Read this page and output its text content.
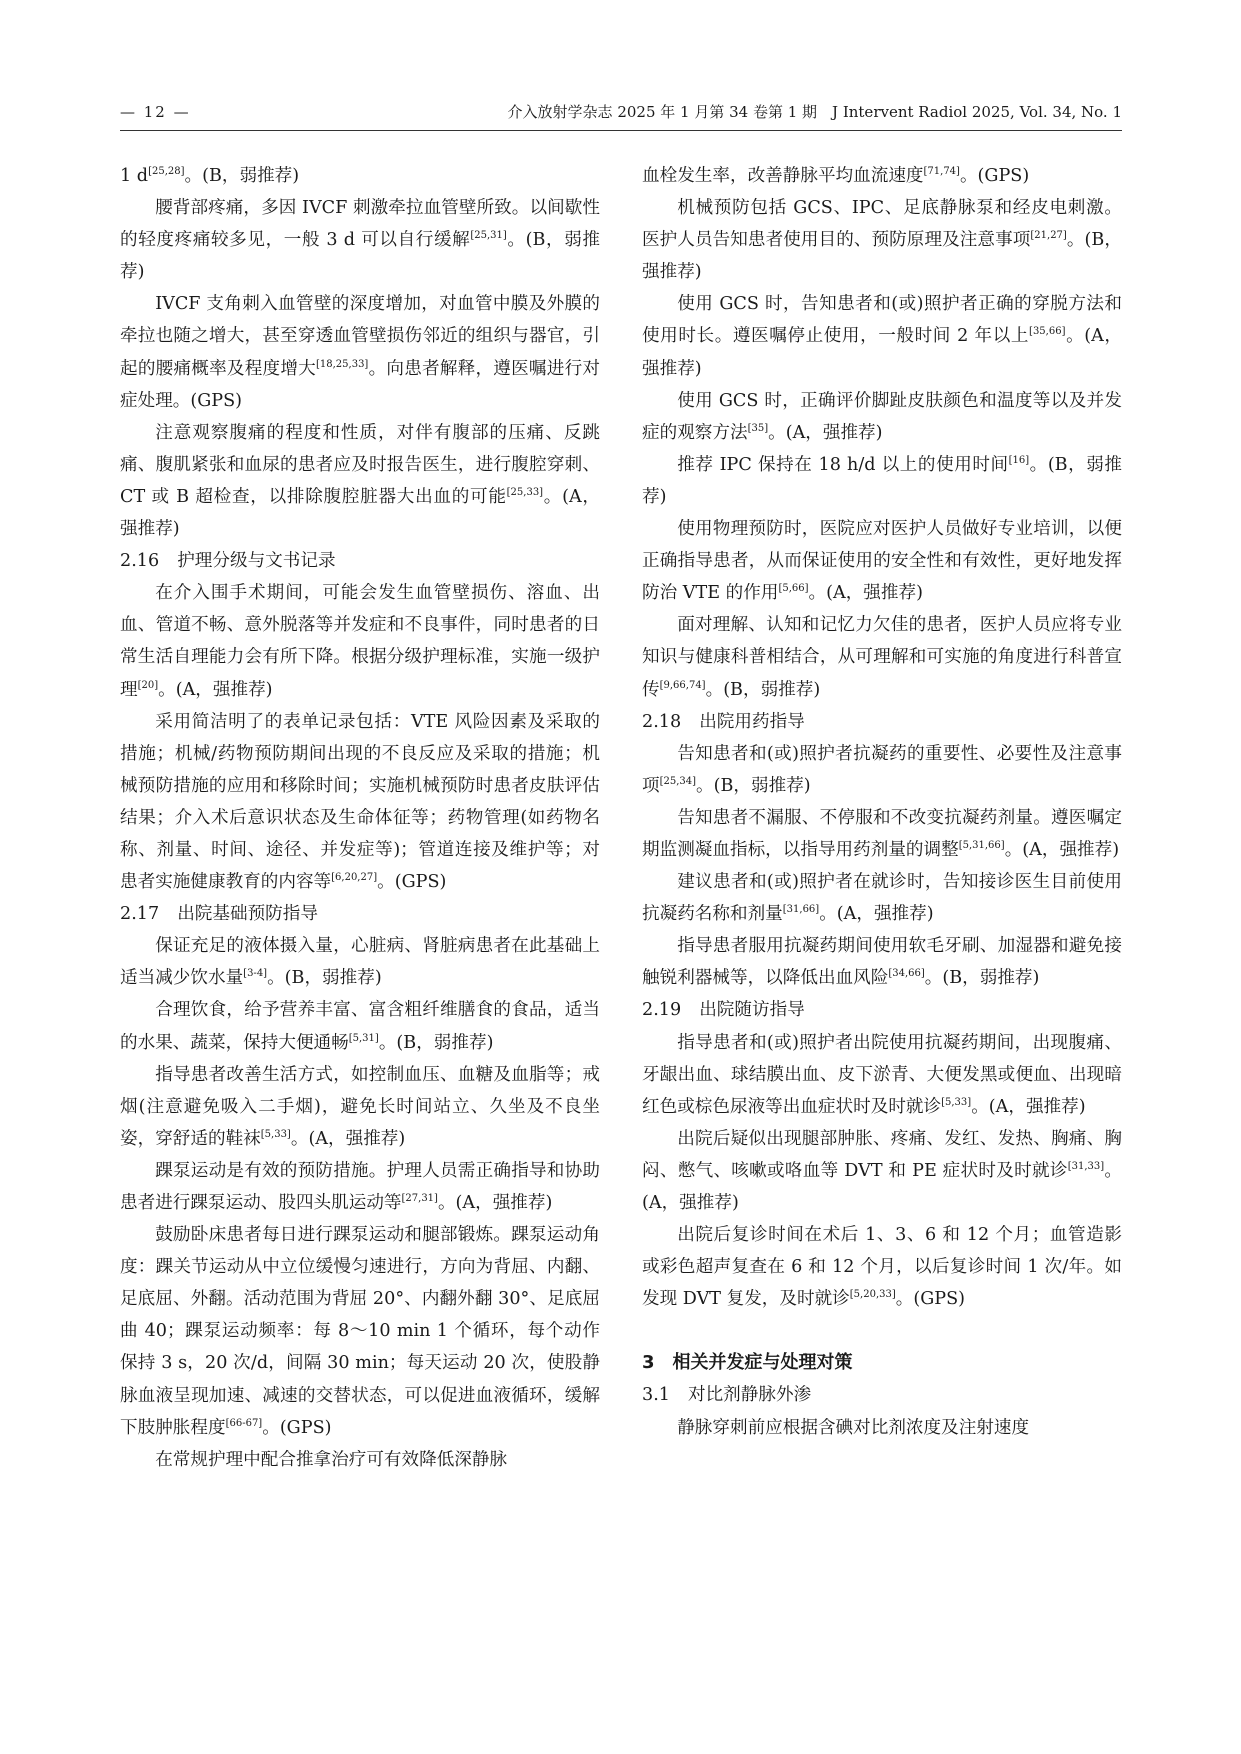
— 12 —	介入放射学杂志 2025 年 1 月第 34 卷第 1 期　J Intervent Radiol 2025, Vol. 34, No. 1

1 d[25,28]。(B，弱推荐)

腰背部疼痛，多因 IVCF 刺激牵拉血管壁所致。以间歇性的轻度疼痛较多见，一般 3 d 可以自行缓解[25,31]。(B，弱推荐)

IVCF 支角刺入血管壁的深度增加，对血管中膜及外膜的牵拉也随之增大，甚至穿透血管壁损伤邻近的组织与器官，引起的腰痛概率及程度增大[18,25,33]。向患者解释，遵医嘱进行对症处理。(GPS)

注意观察腹痛的程度和性质，对伴有腹部的压痛、反跳痛、腹肌紧张和血尿的患者应及时报告医生，进行腹腔穿刺、CT 或 B 超检查，以排除腹腔脏器大出血的可能[25,33]。(A，强推荐)

2.16 护理分级与文书记录

在介入围手术期间，可能会发生血管壁损伤、溶血、出血、管道不畅、意外脱落等并发症和不良事件，同时患者的日常生活自理能力会有所下降。根据分级护理标准，实施一级护理[20]。(A，强推荐)

采用简洁明了的表单记录包括：VTE 风险因素及采取的措施；机械/药物预防期间出现的不良反应及采取的措施；机械预防措施的应用和移除时间；实施机械预防时患者皮肤评估结果；介入术后意识状态及生命体征等；药物管理(如药物名称、剂量、时间、途径、并发症等)；管道连接及维护等；对患者实施健康教育的内容等[6,20,27]。(GPS)

2.17 出院基础预防指导

保证充足的液体摄入量，心脏病、肾脏病患者在此基础上适当减少饮水量[3-4]。(B，弱推荐)

合理饮食，给予营养丰富、富含粗纤维膳食的食品，适当的水果、蔬菜，保持大便通畅[5,31]。(B，弱推荐)

指导患者改善生活方式，如控制血压、血糖及血脂等；戒烟(注意避免吸入二手烟)，避免长时间站立、久坐及不良坐姿，穿舒适的鞋袜[5,33]。(A，强推荐)

踝泵运动是有效的预防措施。护理人员需正确指导和协助患者进行踝泵运动、股四头肌运动等[27,31]。(A，强推荐)

鼓励卧床患者每日进行踝泵运动和腿部锻炼。踝泵运动角度：踝关节运动从中立位缓慢匀速进行，方向为背屈、内翻、足底屈、外翻。活动范围为背屈 20°、内翻外翻 30°、足底屈曲 40；踝泵运动频率：每 8～10 min 1 个循环，每个动作保持 3 s，20 次/d，间隔 30 min；每天运动 20 次，使股静脉血液呈现加速、减速的交替状态，可以促进血液循环，缓解下肢肿胀程度[66-67]。(GPS)

在常规护理中配合推拿治疗可有效降低深静脉

血栓发生率，改善静脉平均血流速度[71,74]。(GPS)

机械预防包括 GCS、IPC、足底静脉泵和经皮电刺激。医护人员告知患者使用目的、预防原理及注意事项[21,27]。(B，强推荐)

使用 GCS 时，告知患者和(或)照护者正确的穿脱方法和使用时长。遵医嘱停止使用，一般时间 2 年以上[35,66]。(A，强推荐)

使用 GCS 时，正确评价脚趾皮肤颜色和温度等以及并发症的观察方法[35]。(A，强推荐)

推荐 IPC 保持在 18 h/d 以上的使用时间[16]。(B，弱推荐)

使用物理预防时，医院应对医护人员做好专业培训，以便正确指导患者，从而保证使用的安全性和有效性，更好地发挥防治 VTE 的作用[5,66]。(A，强推荐)

面对理解、认知和记忆力欠佳的患者，医护人员应将专业知识与健康科普相结合，从可理解和可实施的角度进行科普宣传[9,66,74]。(B，弱推荐)

2.18 出院用药指导

告知患者和(或)照护者抗凝药的重要性、必要性及注意事项[25,34]。(B，弱推荐)

告知患者不漏服、不停服和不改变抗凝药剂量。遵医嘱定期监测凝血指标，以指导用药剂量的调整[5,31,66]。(A，强推荐)

建议患者和(或)照护者在就诊时，告知接诊医生目前使用抗凝药名称和剂量[31,66]。(A，强推荐)

指导患者服用抗凝药期间使用软毛牙刷、加湿器和避免接触锐利器械等，以降低出血风险[34,66]。(B，弱推荐)

2.19 出院随访指导

指导患者和(或)照护者出院使用抗凝药期间，出现腹痛、牙龈出血、球结膜出血、皮下淤青、大便发黑或便血、出现暗红色或棕色尿液等出血症状时及时就诊[5,33]。(A，强推荐)

出院后疑似出现腿部肿胀、疼痛、发红、发热、胸痛、胸闷、憋气、咳嗽或咯血等 DVT 和 PE 症状时及时就诊[31,33]。(A，强推荐)

出院后复诊时间在术后 1、3、6 和 12 个月；血管造影或彩色超声复查在 6 和 12 个月，以后复诊时间 1 次/年。如发现 DVT 复发，及时就诊[5,20,33]。(GPS)

3 相关并发症与处理对策
3.1 对比剂静脉外渗

静脉穿刺前应根据含碘对比剂浓度及注射速度
